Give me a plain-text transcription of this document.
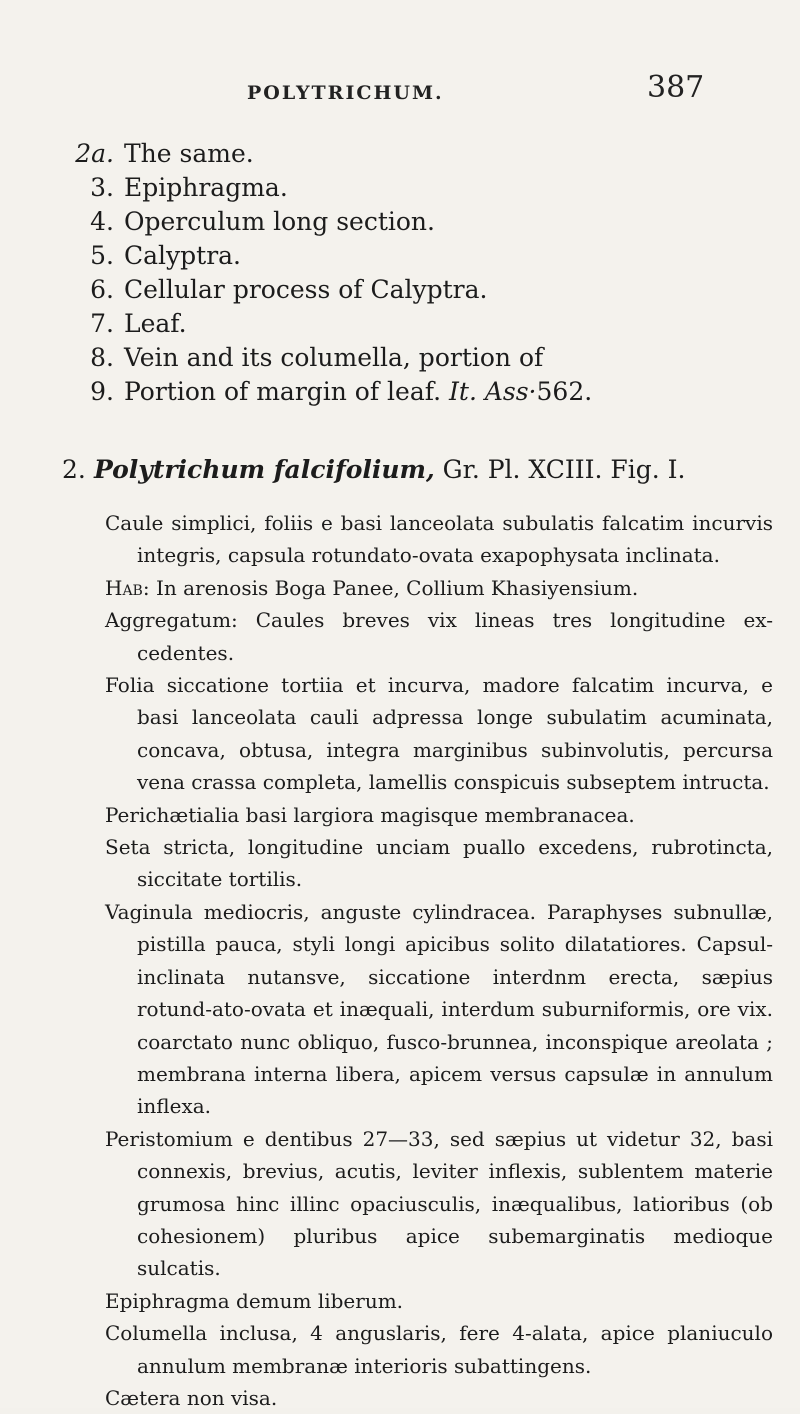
POLYTRICHUM.	387
2a. The same.
3. Epiphragma.
4. Operculum long section.
5. Calyptra.
6. Cellular process of Calyptra.
7. Leaf.
8. Vein and its columella, portion of
9. Portion of margin of leaf.
It. Ass· 562.
2. Polytrichum falcifolium, Gr. Pl. XCIII. Fig. I.

Caule simplici, foliis e basi lanceolata subulatis falcatim incurvis integris, capsula rotundato-ovata exapophysata inclinata.

Hab: In arenosis Boga Panee, Collium Khasiyensium.

Aggregatum: Caules breves vix lineas tres longitudine ex-cedentes.

Folia siccatione tortiia et incurva, madore falcatim incurva, e basi lanceolata cauli adpressa longe subulatim acuminata, concava, obtusa, integra marginibus subinvolutis, percursa vena crassa completa, lamellis conspicuis subseptem intructa.

Perichætialia basi largiora magisque membranacea.

Seta stricta, longitudine unciam puallo excedens, rubrotincta, siccitate tortilis.

Vaginula mediocris, anguste cylindracea. Paraphyses subnullæ, pistilla pauca, styli longi apicibus solito dilatatiores. Capsul-inclinata nutansve, siccatione interdnm erecta, sæpius rotund-ato-ovata et inæquali, interdum suburniformis, ore vix. coarctato nunc obliquo, fusco-brunnea, inconspique areolata ; membrana interna libera, apicem versus capsulæ in annulum inflexa.

Peristomium e dentibus 27—33, sed sæpius ut videtur 32, basi connexis, brevius, acutis, leviter inflexis, sublentem materie grumosa hinc illinc opaciusculis, inæqualibus, latioribus (ob cohesionem) pluribus apice subemarginatis medioque sulcatis.

Epiphragma demum liberum.

Columella inclusa, 4 anguslaris, fere 4-alata, apice planiuculo annulum membranæ interioris subattingens.

Cætera non visa.
